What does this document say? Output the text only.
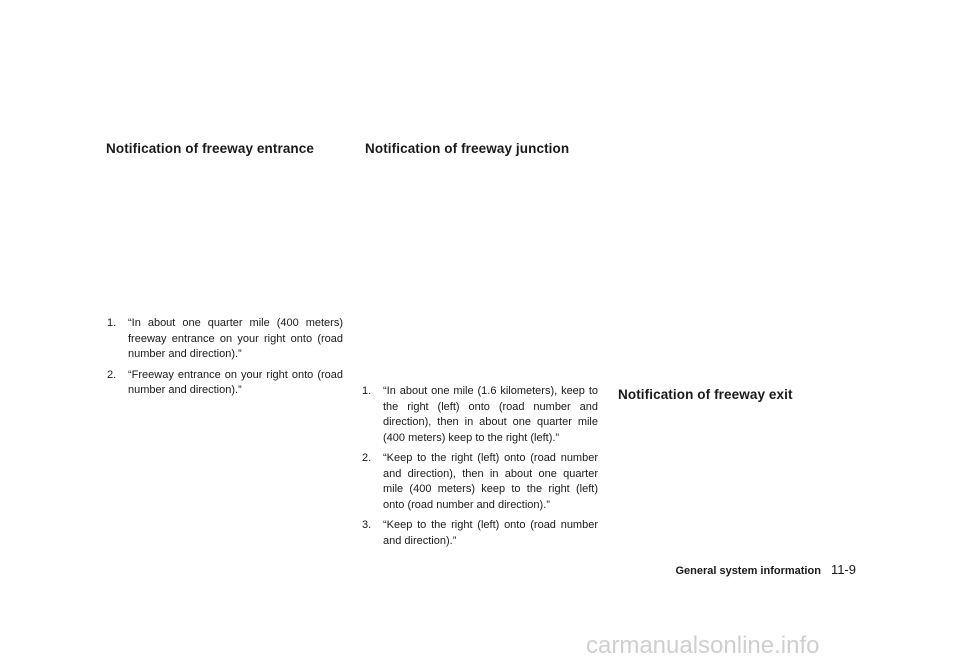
Notification of freeway entrance	Notification of freeway junction
Notification of freeway exit
1. “In about one quarter mile (400 meters) freeway entrance on your right onto (road number and direction).”
2. “Freeway entrance on your right onto (road number and direction).”	1. “In about one mile (1.6 kilometers), keep to the right (left) onto (road number and direction), then in about one quarter mile (400 meters) keep to the right (left).”
2. “Keep to the right (left) onto (road number and direction), then in about one quarter mile (400 meters) keep to the right (left) onto (road number and direction).”
3. “Keep to the right (left) onto (road number and direction).”
General system information 11-9
carmanualsonline.info
